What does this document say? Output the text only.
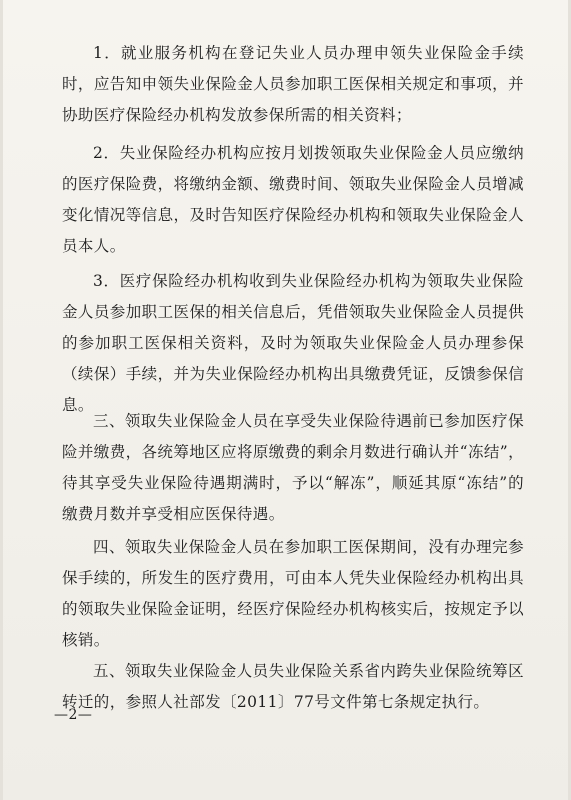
1．就业服务机构在登记失业人员办理申领失业保险金手续时，应告知申领失业保险金人员参加职工医保相关规定和事项，并协助医疗保险经办机构发放参保所需的相关资料；

2．失业保险经办机构应按月划拨领取失业保险金人员应缴纳的医疗保险费，将缴纳金额、缴费时间、领取失业保险金人员增减变化情况等信息，及时告知医疗保险经办机构和领取失业保险金人员本人。

3．医疗保险经办机构收到失业保险经办机构为领取失业保险金人员参加职工医保的相关信息后，凭借领取失业保险金人员提供的参加职工医保相关资料，及时为领取失业保险金人员办理参保（续保）手续，并为失业保险经办机构出具缴费凭证，反馈参保信息。

三、领取失业保险金人员在享受失业保险待遇前已参加医疗保险并缴费，各统筹地区应将原缴费的剩余月数进行确认并“冻结”，待其享受失业保险待遇期满时，予以“解冻”，顺延其原“冻结”的缴费月数并享受相应医保待遇。

四、领取失业保险金人员在参加职工医保期间，没有办理完参保手续的，所发生的医疗费用，可由本人凭失业保险经办机构出具的领取失业保险金证明，经医疗保险经办机构核实后，按规定予以核销。

五、领取失业保险金人员失业保险关系省内跨失业保险统筹区转迁的，参照人社部发〔2011〕77号文件第七条规定执行。

—2—
